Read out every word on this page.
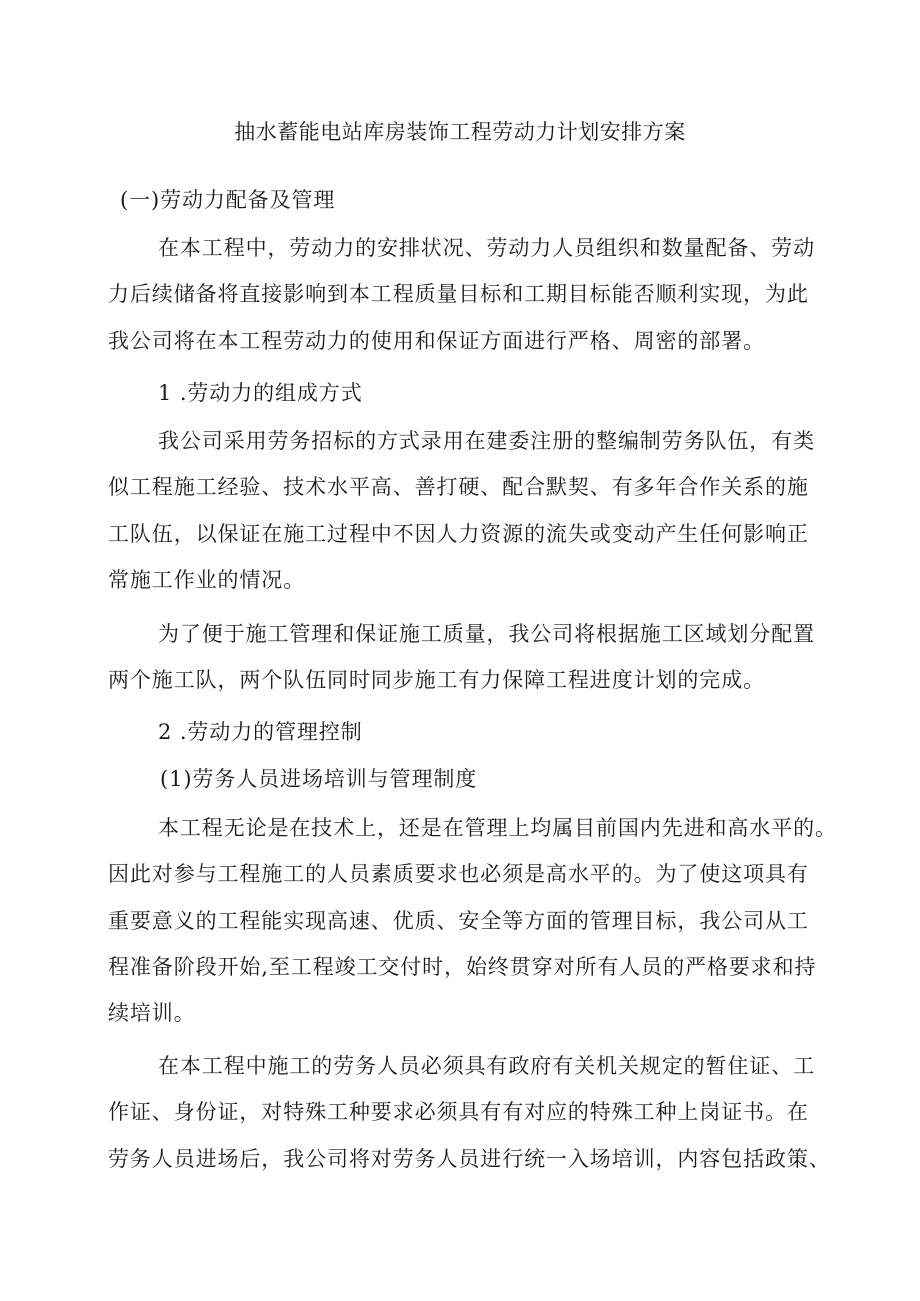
抽水蓄能电站库房装饰工程劳动力计划安排方案
(一)劳动力配备及管理
在本工程中，劳动力的安排状况、劳动力人员组织和数量配备、劳动
力后续储备将直接影响到本工程质量目标和工期目标能否顺利实现，为此
我公司将在本工程劳动力的使用和保证方面进行严格、周密的部署。
1 .劳动力的组成方式
我公司采用劳务招标的方式录用在建委注册的整编制劳务队伍，有类
似工程施工经验、技术水平高、善打硬、配合默契、有多年合作关系的施
工队伍，以保证在施工过程中不因人力资源的流失或变动产生任何影响正
常施工作业的情况。
为了便于施工管理和保证施工质量，我公司将根据施工区域划分配置
两个施工队，两个队伍同时同步施工有力保障工程进度计划的完成。
2 .劳动力的管理控制
(1)劳务人员进场培训与管理制度
本工程无论是在技术上，还是在管理上均属目前国内先进和高水平的。
因此对参与工程施工的人员素质要求也必须是高水平的。为了使这项具有
重要意义的工程能实现高速、优质、安全等方面的管理目标，我公司从工
程准备阶段开始,至工程竣工交付时，始终贯穿对所有人员的严格要求和持
续培训。
在本工程中施工的劳务人员必须具有政府有关机关规定的暂住证、工
作证、身份证，对特殊工种要求必须具有有对应的特殊工种上岗证书。在
劳务人员进场后，我公司将对劳务人员进行统一入场培训，内容包括政策、
